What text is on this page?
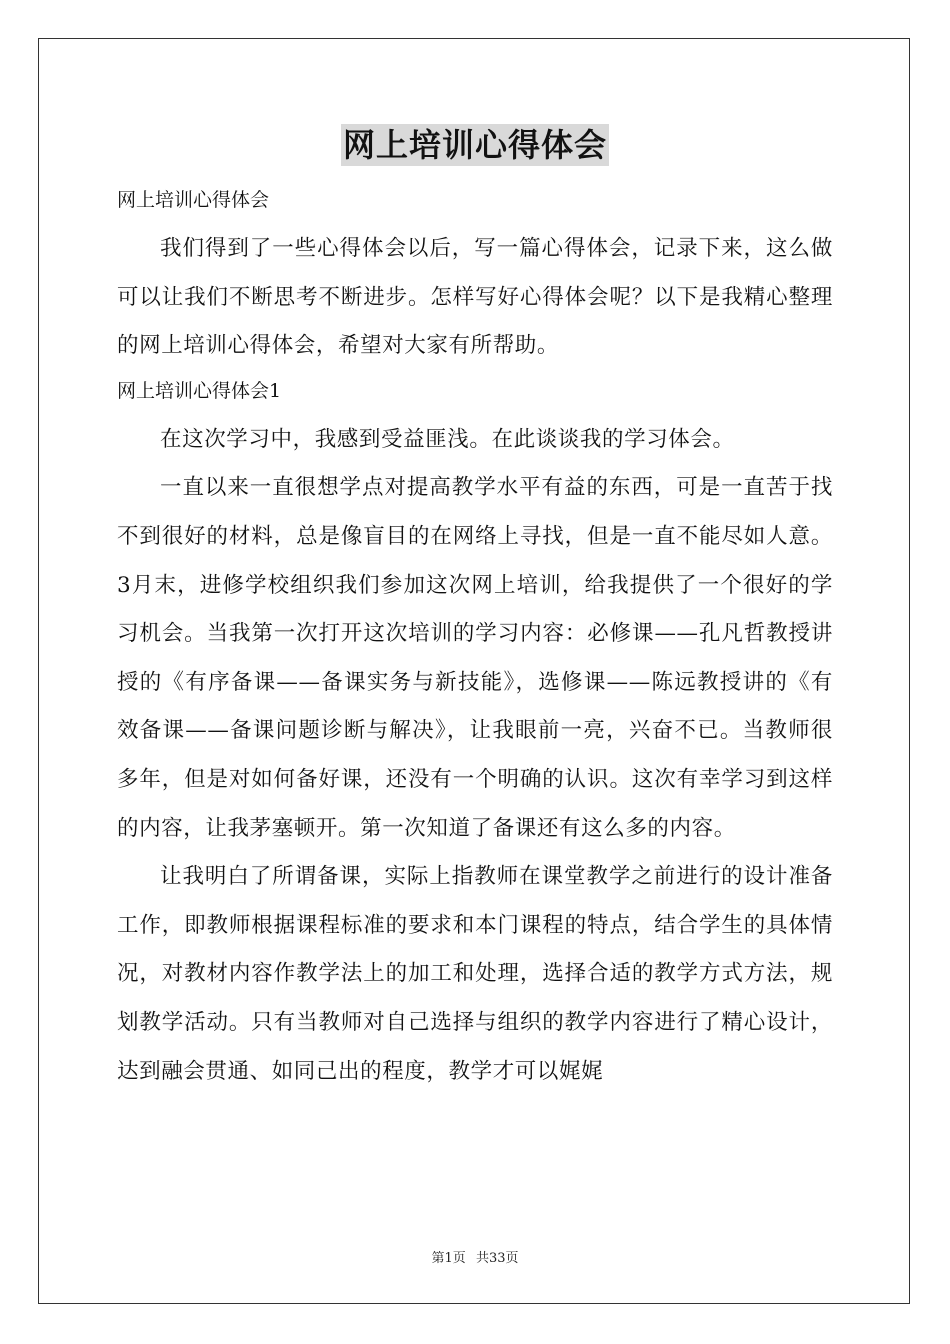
网上培训心得体会

网上培训心得体会

我们得到了一些心得体会以后，写一篇心得体会，记录下来，这么做可以让我们不断思考不断进步。怎样写好心得体会呢？以下是我精心整理的网上培训心得体会，希望对大家有所帮助。

网上培训心得体会1

在这次学习中，我感到受益匪浅。在此谈谈我的学习体会。

一直以来一直很想学点对提高教学水平有益的东西，可是一直苦于找不到很好的材料，总是像盲目的在网络上寻找，但是一直不能尽如人意。3月末，进修学校组织我们参加这次网上培训，给我提供了一个很好的学习机会。当我第一次打开这次培训的学习内容：必修课——孔凡哲教授讲授的《有序备课——备课实务与新技能》，选修课——陈远教授讲的《有效备课——备课问题诊断与解决》，让我眼前一亮，兴奋不已。当教师很多年，但是对如何备好课，还没有一个明确的认识。这次有幸学习到这样的内容，让我茅塞顿开。第一次知道了备课还有这么多的内容。

让我明白了所谓备课，实际上指教师在课堂教学之前进行的设计准备工作，即教师根据课程标准的要求和本门课程的特点，结合学生的具体情况，对教材内容作教学法上的加工和处理，选择合适的教学方式方法，规划教学活动。只有当教师对自己选择与组织的教学内容进行了精心设计，达到融会贯通、如同己出的程度，教学才可以娓娓

第1页 共33页
